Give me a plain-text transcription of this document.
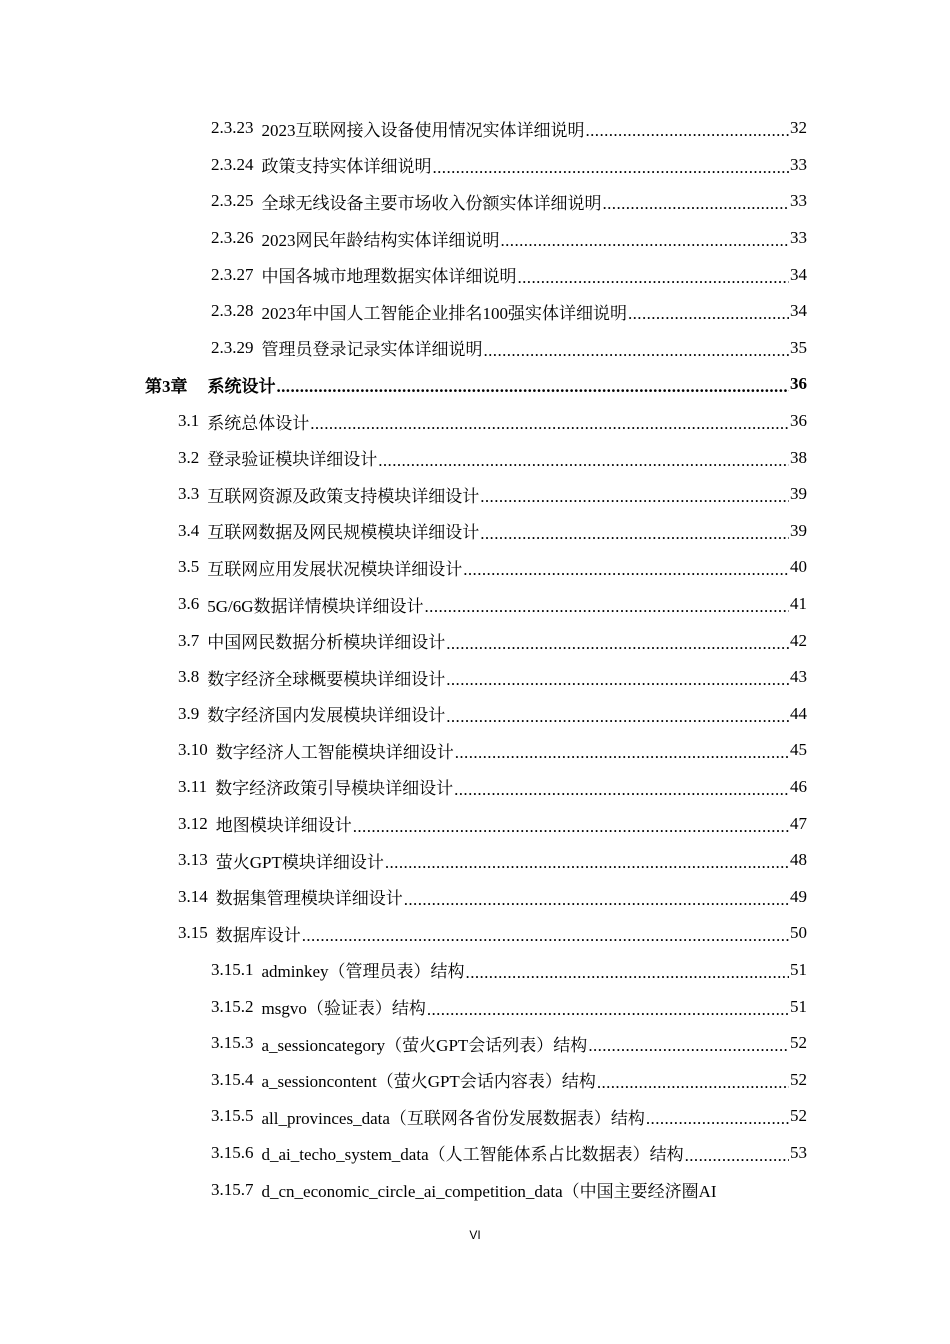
2.3.23 2023互联网接入设备使用情况实体详细说明 .....	32
2.3.24 政策支持实体详细说明 .....	33
2.3.25 全球无线设备主要市场收入份额实体详细说明 .....	33
2.3.26 2023网民年龄结构实体详细说明 .....	33
2.3.27 中国各城市地理数据实体详细说明 .....	34
2.3.28 2023年中国人工智能企业排名100强实体详细说明 .....	34
2.3.29 管理员登录记录实体详细说明 .....	35
第3章 系统设计 .....	36
3.1 系统总体设计 .....	36
3.2 登录验证模块详细设计 .....	38
3.3 互联网资源及政策支持模块详细设计 .....	39
3.4 互联网数据及网民规模模块详细设计 .....	39
3.5 互联网应用发展状况模块详细设计 .....	40
3.6 5G/6G数据详情模块详细设计 .....	41
3.7 中国网民数据分析模块详细设计 .....	42
3.8 数字经济全球概要模块详细设计 .....	43
3.9 数字经济国内发展模块详细设计 .....	44
3.10 数字经济人工智能模块详细设计 .....	45
3.11 数字经济政策引导模块详细设计 .....	46
3.12 地图模块详细设计 .....	47
3.13 萤火GPT模块详细设计 .....	48
3.14 数据集管理模块详细设计 .....	49
3.15 数据库设计 .....	50
3.15.1 adminkey（管理员表）结构 .....	51
3.15.2 msgvo（验证表）结构 .....	51
3.15.3 a_sessioncategory（萤火GPT会话列表）结构 .....	52
3.15.4 a_sessioncontent（萤火GPT会话内容表）结构 .....	52
3.15.5 all_provinces_data（互联网各省份发展数据表）结构 .....	52
3.15.6 d_ai_techo_system_data（人工智能体系占比数据表）结构 .....	53
3.15.7 d_cn_economic_circle_ai_competition_data（中国主要经济圈AI
VI
